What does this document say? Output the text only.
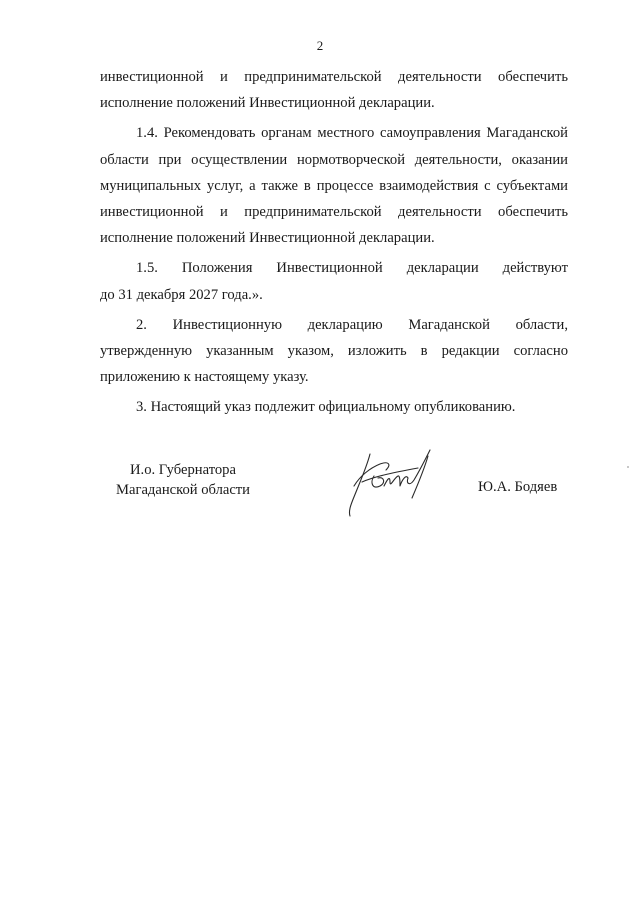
2

инвестиционной и предпринимательской деятельности обеспечить исполнение положений Инвестиционной декларации.

1.4. Рекомендовать органам местного самоуправления Магаданской области при осуществлении нормотворческой деятельности, оказании муниципальных услуг, а также в процессе взаимодействия с субъектами инвестиционной и предпринимательской деятельности обеспечить исполнение положений Инвестиционной декларации.

1.5. Положения Инвестиционной декларации действуют
до 31 декабря 2027 года.».

2. Инвестиционную декларацию Магаданской области, утвержденную указанным указом, изложить в редакции согласно приложению к настоящему указу.

3. Настоящий указ подлежит официальному опубликованию.

И.о. Губернатора
Магаданской области	Ю.А. Бодяев
